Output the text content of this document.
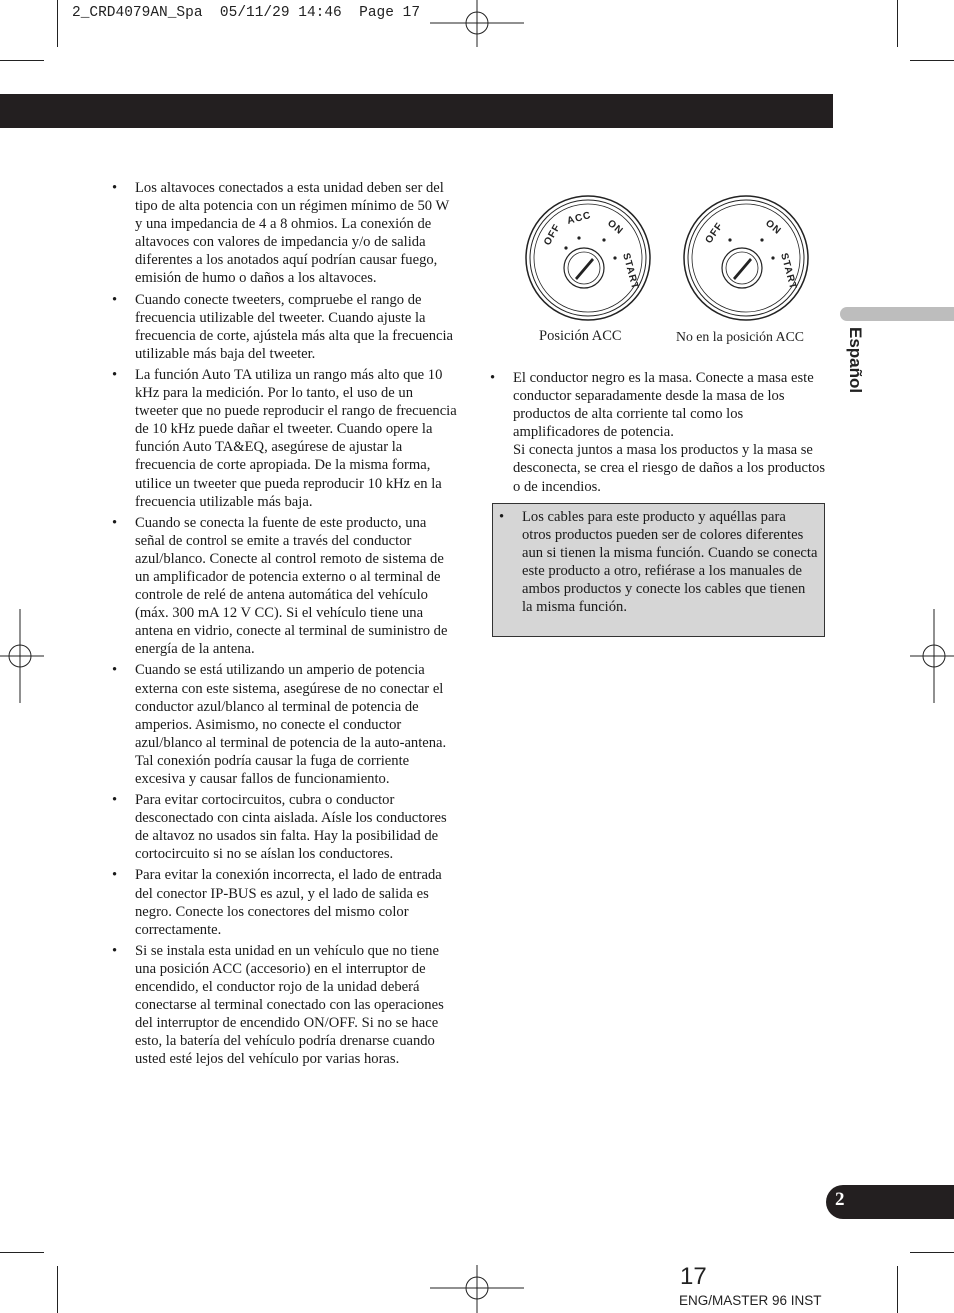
2_CRD4079AN_Spa  05/11/29 14:46  Page 17
Español
• Los altavoces conectados a esta unidad deben ser del tipo de alta potencia con un régimen mínimo de 50 W y una impedancia de 4 a 8 ohmios. La conexión de altavoces con valores de impedancia y/o de salida diferentes a los anotados aquí podrían causar fuego, emisión de humo o daños a los altavoces.
• Cuando conecte tweeters, compruebe el rango de frecuencia utilizable del tweeter. Cuando ajuste la frecuencia de corte, ajústela más alta que la frecuencia utilizable más baja del tweeter.
• La función Auto TA utiliza un rango más alto que 10 kHz para la medición. Por lo tanto, el uso de un tweeter que no puede reproducir el rango de frecuencia de 10 kHz puede dañar el tweeter. Cuando opere la función Auto TA&EQ, asegúrese de ajustar la frecuencia de corte apropiada. De la misma forma, utilice un tweeter que pueda reproducir 10 kHz en la frecuencia utilizable más baja.
• Cuando se conecta la fuente de este producto, una señal de control se emite a través del conductor azul/blanco. Conecte al control remoto de sistema de un amplificador de potencia externo o al terminal de controle de relé de antena automática del vehículo (máx. 300 mA 12 V CC). Si el vehículo tiene una antena en vidrio, conecte al terminal de suministro de energía de la antena.
• Cuando se está utilizando un amperio de potencia externa con este sistema, asegúrese de no conectar el conductor azul/blanco al terminal de potencia de amperios. Asimismo, no conecte el conductor azul/blanco al terminal de potencia de la auto-antena. Tal conexión podría causar la fuga de corriente excesiva y causar fallos de funcionamiento.
• Para evitar cortocircuitos, cubra o conductor desconectado con cinta aislada. Aísle los conductores de altavoz no usados sin falta. Hay la posibilidad de cortocircuito si no se aíslan los conductores.
• Para evitar la conexión incorrecta, el lado de entrada del conector IP-BUS es azul, y el lado de salida es negro. Conecte los conectores del mismo color correctamente.
• Si se instala esta unidad en un vehículo que no tiene una posición ACC (accesorio) en el interruptor de encendido, el conductor rojo de la unidad deberá conectarse al terminal conectado con las operaciones del interruptor de encendido ON/OFF. Si no se hace esto, la batería del vehículo podría drenarse cuando usted esté lejos del vehículo por varias horas.
OFF
ACC ON
START
OFF	ON
START
Posición ACC	No en la posición ACC
• El conductor negro es la masa. Conecte a masa este conductor separadamente desde la masa de los productos de alta corriente tal como los amplificadores de potencia.
Si conecta juntos a masa los productos y la masa se desconecta, se crea el riesgo de daños a los productos o de incendios.
• Los cables para este producto y aquéllas para otros productos pueden ser de colores diferentes aun si tienen la misma función. Cuando se conecta este producto a otro, refiérase a los manuales de ambos productos y conecte los cables que tienen la misma función.
2
17
ENG/MASTER 96 INST
